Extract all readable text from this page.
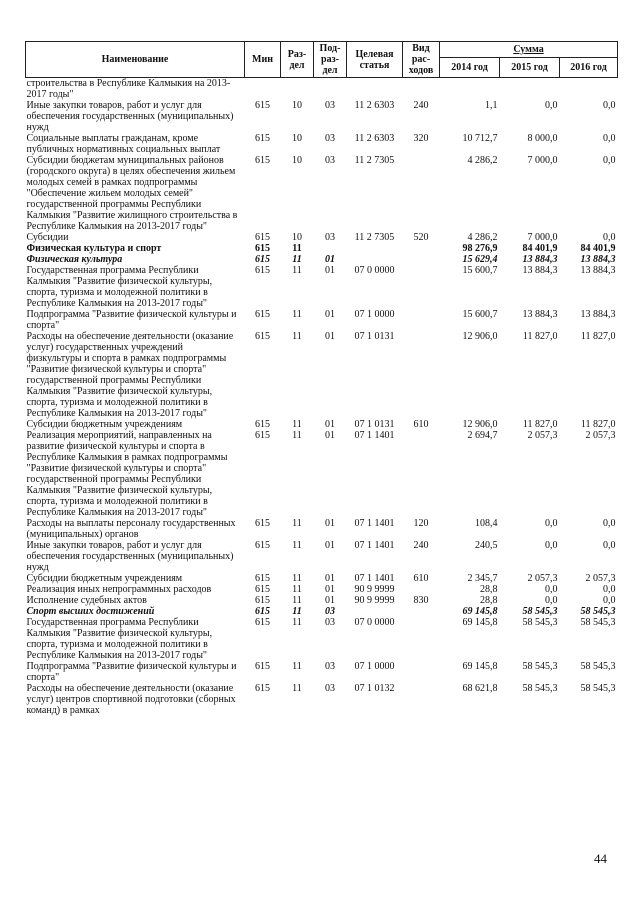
Наименование	Мин	Раз-дел	Под-раз-дел	Целевая статья	Вид рас-ходов	Сумма		
						2014 год	2015 год	2016 год
строительства в Республике Калмыкия на 2013-2017 годы"								
Иные закупки товаров, работ и услуг для обеспечения государственных (муниципальных) нужд	615	10	03	11 2 6303	240	1,1	0,0	0,0
Социальные выплаты гражданам, кроме публичных нормативных социальных выплат	615	10	03	11 2 6303	320	10 712,7	8 000,0	0,0
Субсидии бюджетам муниципальных районов (городского округа) в целях обеспечения жильем молодых семей в рамках подпрограммы "Обеспечение жильем молодых семей" государственной программы Республики Калмыкия "Развитие жилищного строительства в Республике Калмыкия на 2013-2017 годы"	615	10	03	11 2 7305		4 286,2	7 000,0	0,0
Субсидии	615	10	03	11 2 7305	520	4 286,2	7 000,0	0,0
Физическая культура и спорт	615	11				98 276,9	84 401,9	84 401,9
Физическая культура	615	11	01			15 629,4	13 884,3	13 884,3
Государственная программа Республики Калмыкия "Развитие физической культуры, спорта, туризма и молодежной политики в Республике Калмыкия на 2013-2017 годы"	615	11	01	07 0 0000		15 600,7	13 884,3	13 884,3
Подпрограмма "Развитие физической культуры и спорта"	615	11	01	07 1 0000		15 600,7	13 884,3	13 884,3
Расходы на обеспечение деятельности (оказание услуг) государственных учреждений физкультуры и спорта в рамках подпрограммы "Развитие физической культуры и спорта" государственной программы Республики Калмыкия "Развитие физической культуры, спорта, туризма и молодежной политики в Республике Калмыкия на 2013-2017 годы"	615	11	01	07 1 0131		12 906,0	11 827,0	11 827,0
Субсидии бюджетным учреждениям	615	11	01	07 1 0131	610	12 906,0	11 827,0	11 827,0
Реализация мероприятий, направленных на развитие физической культуры и спорта в Республике Калмыкия в рамках подпрограммы "Развитие физической культуры и спорта" государственной программы Республики Калмыкия "Развитие физической культуры, спорта, туризма и молодежной политики в Республике Калмыкия на 2013-2017 годы"	615	11	01	07 1 1401		2 694,7	2 057,3	2 057,3
Расходы на выплаты персоналу государственных (муниципальных) органов	615	11	01	07 1 1401	120	108,4	0,0	0,0
Иные закупки товаров, работ и услуг для обеспечения государственных (муниципальных) нужд	615	11	01	07 1 1401	240	240,5	0,0	0,0
Субсидии бюджетным учреждениям	615	11	01	07 1 1401	610	2 345,7	2 057,3	2 057,3
Реализация иных непрограммных расходов	615	11	01	90 9 9999		28,8	0,0	0,0
Исполнение судебных актов	615	11	01	90 9 9999	830	28,8	0,0	0,0
Спорт высших достижений	615	11	03			69 145,8	58 545,3	58 545,3
Государственная программа Республики Калмыкия "Развитие физической культуры, спорта, туризма и молодежной политики в Республике Калмыкия на 2013-2017 годы"	615	11	03	07 0 0000		69 145,8	58 545,3	58 545,3
Подпрограмма "Развитие физической культуры и спорта"	615	11	03	07 1 0000		69 145,8	58 545,3	58 545,3
Расходы на обеспечение деятельности (оказание услуг) центров спортивной подготовки (сборных команд) в рамках	615	11	03	07 1 0132		68 621,8	58 545,3	58 545,3
44
